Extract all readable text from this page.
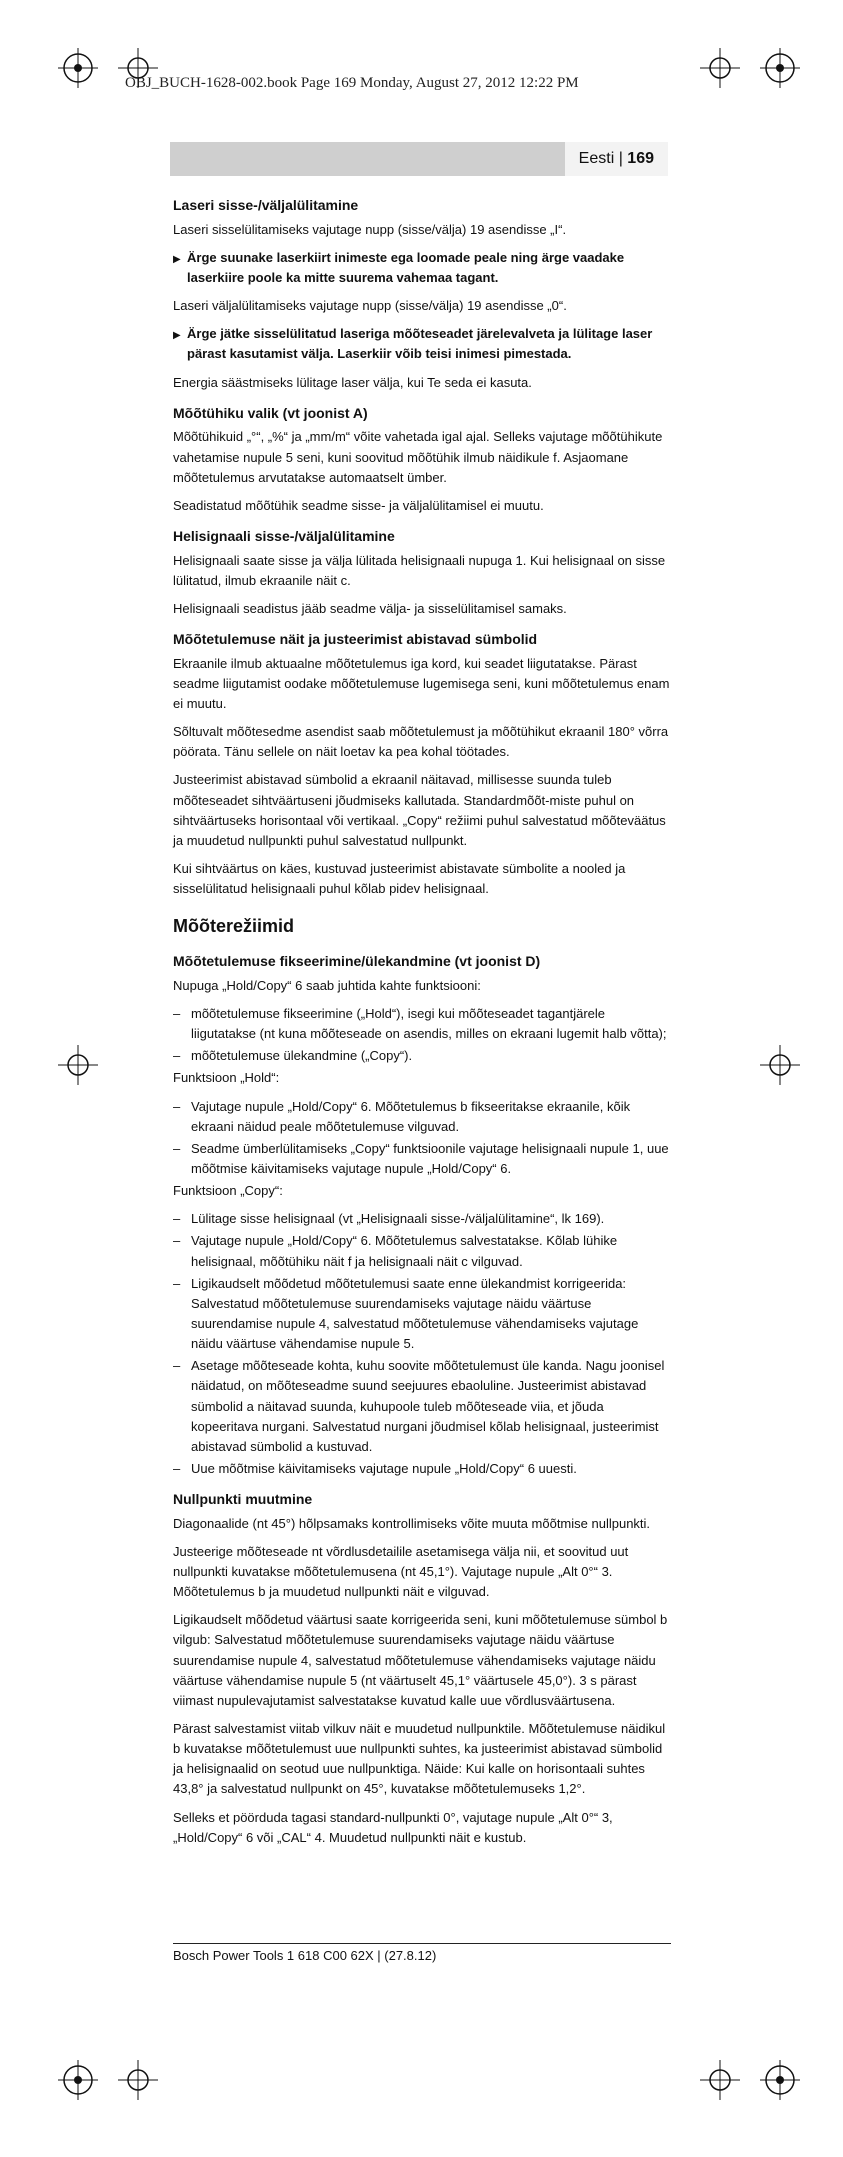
OBJ_BUCH-1628-002.book Page 169 Monday, August 27, 2012 12:22 PM
Eesti | 169
Laseri sisse-/väljalülitamine

Laseri sisselülitamiseks vajutage nupp (sisse/välja) 19 asendisse „I“.

▶ Ärge suunake laserkiirt inimeste ega loomade peale ning ärge vaadake laserkiire poole ka mitte suurema vahemaa tagant.

Laseri väljalülitamiseks vajutage nupp (sisse/välja) 19 asendisse „0“.

▶ Ärge jätke sisselülitatud laseriga mõõteseadet järelevalveta ja lülitage laser pärast kasutamist välja. Laserkiir võib teisi inimesi pimestada.

Energia säästmiseks lülitage laser välja, kui Te seda ei kasuta.

Mõõtühiku valik (vt joonist A)

Mõõtühikuid „°“, „%“ ja „mm/m“ võite vahetada igal ajal. Selleks vajutage mõõtühikute vahetamise nupule 5 seni, kuni soovitud mõõtühik ilmub näidikule f. Asjaomane mõõtetulemus arvutatakse automaatselt ümber.

Seadistatud mõõtühik seadme sisse- ja väljalülitamisel ei muutu.

Helisignaali sisse-/väljalülitamine

Helisignaali saate sisse ja välja lülitada helisignaali nupuga 1. Kui helisignaal on sisse lülitatud, ilmub ekraanile näit c.

Helisignaali seadistus jääb seadme välja- ja sisselülitamisel samaks.

Mõõtetulemuse näit ja justeerimist abistavad sümbolid

Ekraanile ilmub aktuaalne mõõtetulemus iga kord, kui seadet liigutatakse. Pärast seadme liigutamist oodake mõõtetulemuse lugemisega seni, kuni mõõtetulemus enam ei muutu.

Sõltuvalt mõõtesedme asendist saab mõõtetulemust ja mõõtühikut ekraanil 180° võrra pöörata. Tänu sellele on näit loetav ka pea kohal töötades.

Justeerimist abistavad sümbolid a ekraanil näitavad, millisesse suunda tuleb mõõteseadet sihtväärtuseni jõudmiseks kallutada. Standardmõõt-miste puhul on sihtväärtuseks horisontaal või vertikaal. „Copy“ režiimi puhul salvestatud mõõteväätus ja muudetud nullpunkti puhul salvestatud nullpunkt.

Kui sihtväärtus on käes, kustuvad justeerimist abistavate sümbolite a nooled ja sisselülitatud helisignaali puhul kõlab pidev helisignaal.

Mõõterežiimid
Mõõtetulemuse fikseerimine/ülekandmine (vt joonist D)

Nupuga „Hold/Copy“ 6 saab juhtida kahte funktsiooni:

– mõõtetulemuse fikseerimine („Hold“), isegi kui mõõteseadet tagantjärele liigutatakse (nt kuna mõõteseade on asendis, milles on ekraani lugemit halb võtta);

– mõõtetulemuse ülekandmine („Copy“).

Funktsioon „Hold“:

– Vajutage nupule „Hold/Copy“ 6. Mõõtetulemus b fikseeritakse ekraanile, kõik ekraani näidud peale mõõtetulemuse vilguvad.

– Seadme ümberlülitamiseks „Copy“ funktsioonile vajutage helisignaali nupule 1, uue mõõtmise käivitamiseks vajutage nupule „Hold/Copy“ 6.

Funktsioon „Copy“:

– Lülitage sisse helisignaal (vt „Helisignaali sisse-/väljalülitamine“, lk 169).

– Vajutage nupule „Hold/Copy“ 6. Mõõtetulemus salvestatakse. Kõlab lühike helisignaal, mõõtühiku näit f ja helisignaali näit c vilguvad.

– Ligikaudselt mõõdetud mõõtetulemusi saate enne ülekandmist korrigeerida: Salvestatud mõõtetulemuse suurendamiseks vajutage näidu väärtuse suurendamise nupule 4, salvestatud mõõtetulemuse vähendamiseks vajutage näidu väärtuse vähendamise nupule 5.

– Asetage mõõteseade kohta, kuhu soovite mõõtetulemust üle kanda. Nagu joonisel näidatud, on mõõteseadme suund seejuures ebaoluline. Justeerimist abistavad sümbolid a näitavad suunda, kuhupoole tuleb mõõteseade viia, et jõuda kopeeritava nurgani. Salvestatud nurgani jõudmisel kõlab helisignaal, justeerimist abistavad sümbolid a kustuvad.

– Uue mõõtmise käivitamiseks vajutage nupule „Hold/Copy“ 6 uuesti.

Nullpunkti muutmine

Diagonaalide (nt 45°) hõlpsamaks kontrollimiseks võite muuta mõõtmise nullpunkti.

Justeerige mõõteseade nt võrdlusdetailile asetamisega välja nii, et soovitud uut nullpunkti kuvatakse mõõtetulemusena (nt 45,1°). Vajutage nupule „Alt 0°“ 3. Mõõtetulemus b ja muudetud nullpunkti näit e vilguvad.

Ligikaudselt mõõdetud väärtusi saate korrigeerida seni, kuni mõõtetulemuse sümbol b vilgub: Salvestatud mõõtetulemuse suurendamiseks vajutage näidu väärtuse suurendamise nupule 4, salvestatud mõõtetulemuse vähendamiseks vajutage näidu väärtuse vähendamise nupule 5 (nt väärtuselt 45,1° väärtusele 45,0°). 3 s pärast viimast nupulevajutamist salvestatakse kuvatud kalle uue võrdlusväärtusena.

Pärast salvestamist viitab vilkuv näit e muudetud nullpunktile. Mõõtetulemuse näidikul b kuvatakse mõõtetulemust uue nullpunkti suhtes, ka justeerimist abistavad sümbolid ja helisignaalid on seotud uue nullpunktiga. Näide: Kui kalle on horisontaali suhtes 43,8° ja salvestatud nullpunkt on 45°, kuvatakse mõõtetulemuseks 1,2°.

Selleks et pöörduda tagasi standard-nullpunkti 0°, vajutage nupule „Alt 0°“ 3, „Hold/Copy“ 6 või „CAL“ 4. Muudetud nullpunkti näit e kustub.

Bosch Power Tools 1 618 C00 62X | (27.8.12)
